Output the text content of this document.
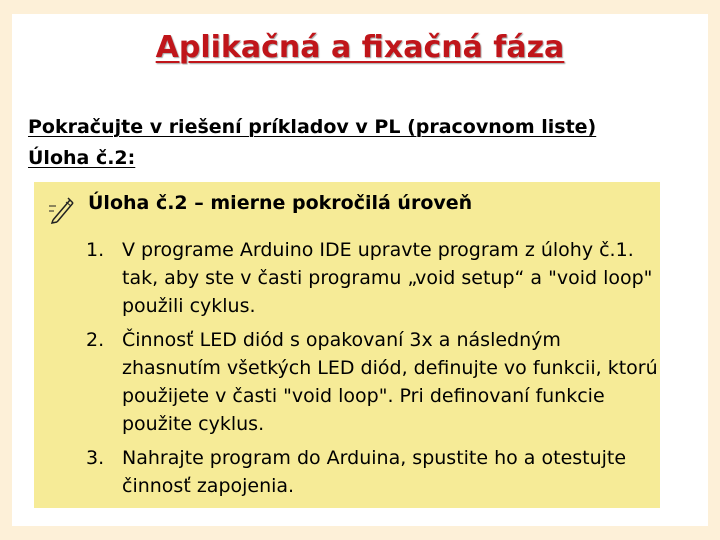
Aplikačná a fixačná fáza
Pokračujte v riešení príkladov v PL (pracovnom liste)
Úloha č.2:
Úloha č.2 – mierne pokročilá úroveň
1. V programe Arduino IDE upravte program z úlohy č.1. tak, aby ste v časti programu „void setup“ a "void loop" použili cyklus.
2. Činnosť LED diód s opakovaní 3x a následným zhasnutím všetkých LED diód, definujte vo funkcii, ktorú použijete v časti "void loop". Pri definovaní funkcie použite cyklus.
3. Nahrajte program do Arduina, spustite ho a otestujte činnosť zapojenia.
